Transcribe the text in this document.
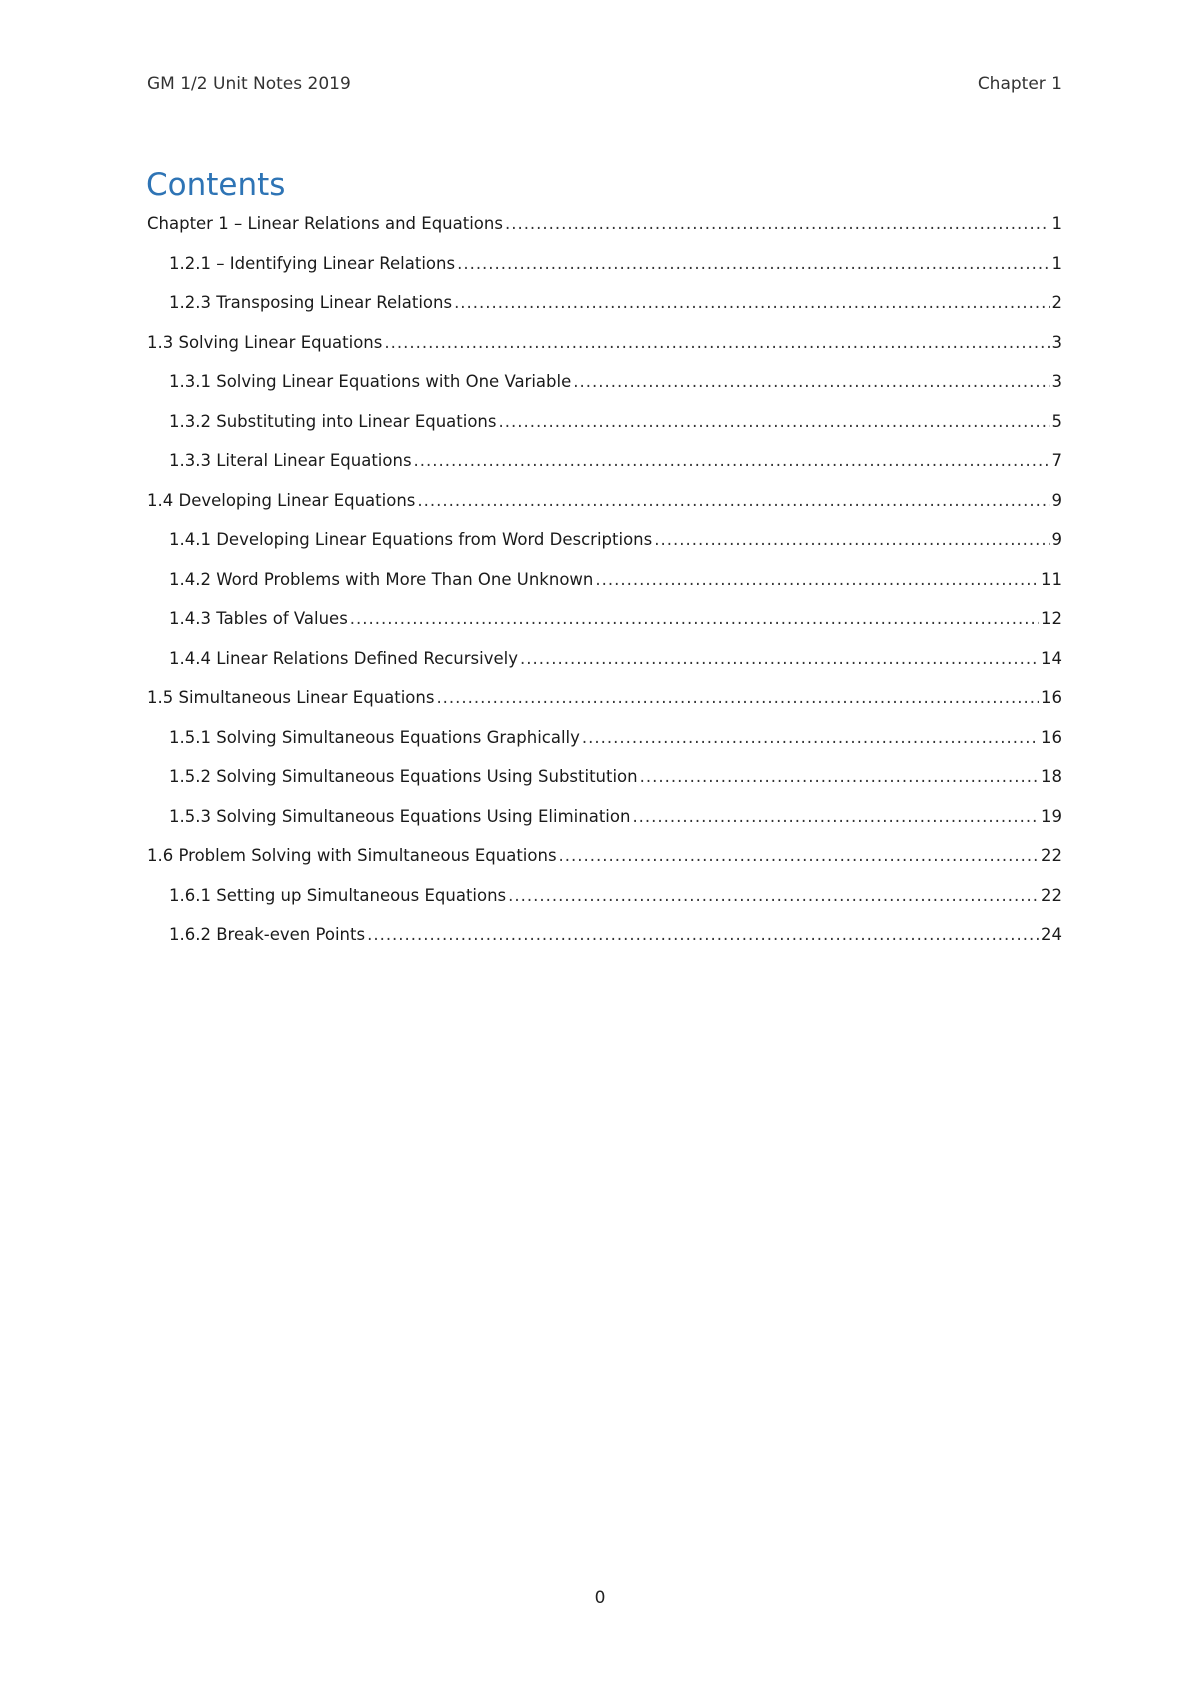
GM 1/2 Unit Notes 2019	Chapter 1
Contents
Chapter 1 – Linear Relations and Equations .....	1
1.2.1 – Identifying Linear Relations .....	1
1.2.3 Transposing Linear Relations .....	2
1.3 Solving Linear Equations .....	3
1.3.1 Solving Linear Equations with One Variable .....	3
1.3.2 Substituting into Linear Equations .....	5
1.3.3 Literal Linear Equations .....	7
1.4 Developing Linear Equations .....	9
1.4.1 Developing Linear Equations from Word Descriptions .....	9
1.4.2 Word Problems with More Than One Unknown .....	11
1.4.3 Tables of Values .....	12
1.4.4 Linear Relations Defined Recursively .....	14
1.5 Simultaneous Linear Equations .....	16
1.5.1 Solving Simultaneous Equations Graphically .....	16
1.5.2 Solving Simultaneous Equations Using Substitution .....	18
1.5.3 Solving Simultaneous Equations Using Elimination .....	19
1.6 Problem Solving with Simultaneous Equations .....	22
1.6.1 Setting up Simultaneous Equations .....	22
1.6.2 Break-even Points .....	24
0
